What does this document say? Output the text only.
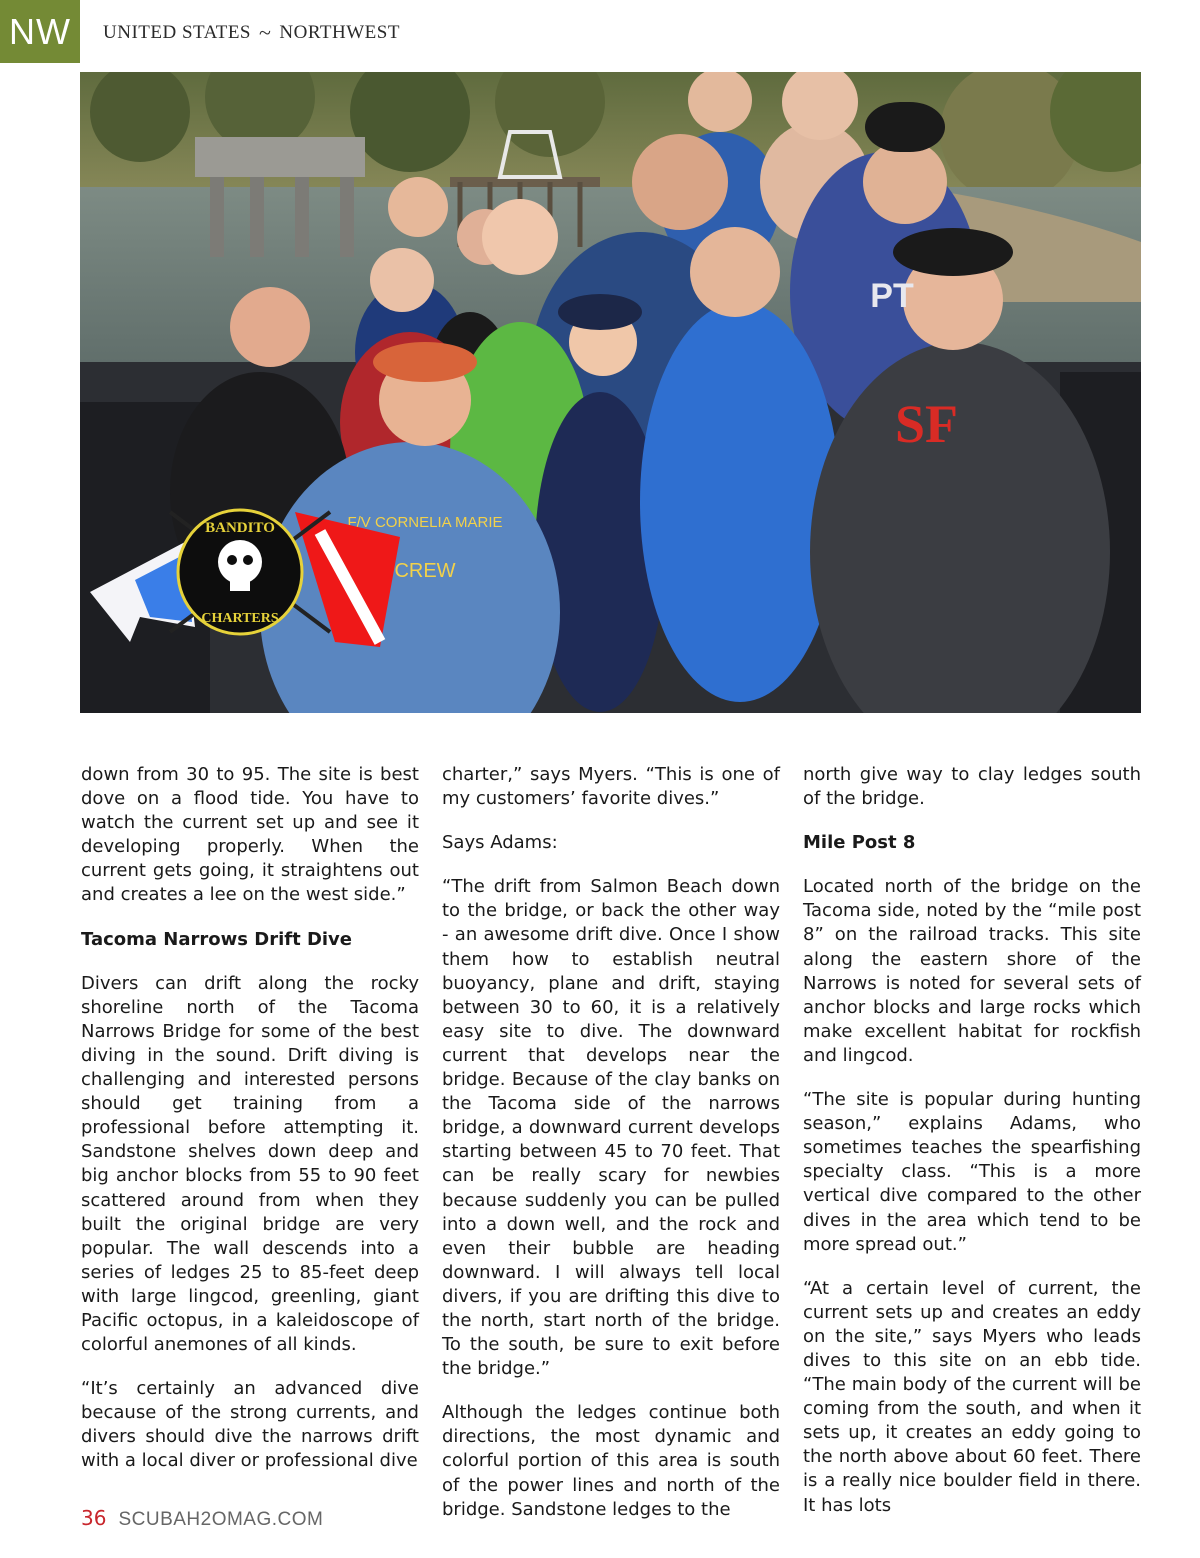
NW	UNITED STATES ~ NORTHWEST
F/V CORNELIA MARIE
CREW
PT
SF
BANDITO
CHARTERS

down from 30 to 95. The site is best dove on a flood tide. You have to watch the current set up and see it developing properly. When the current gets going, it straightens out and creates a lee on the west side.”

Tacoma Narrows Drift Dive

Divers can drift along the rocky shoreline north of the Tacoma Narrows Bridge for some of the best diving in the sound. Drift diving is challenging and interested persons should get training from a professional before attempting it. Sandstone shelves down deep and big anchor blocks from 55 to 90 feet scattered around from when they built the original bridge are very popular. The wall descends into a series of ledges 25 to 85-feet deep with large lingcod, greenling, giant Pacific octopus, in a kaleidoscope of colorful anemones of all kinds.

“It’s certainly an advanced dive because of the strong currents, and divers should dive the narrows drift with a local diver or professional dive

charter,” says Myers. “This is one of my customers’ favorite dives.”

Says Adams:

“The drift from Salmon Beach down to the bridge, or back the other way - an awesome drift dive. Once I show them how to establish neutral buoyancy, plane and drift, staying between 30 to 60, it is a relatively easy site to dive. The downward current that develops near the bridge. Because of the clay banks on the Tacoma side of the narrows bridge, a downward current develops starting between 45 to 70 feet. That can be really scary for newbies because suddenly you can be pulled into a down well, and the rock and even their bubble are heading downward. I will always tell local divers, if you are drifting this dive to the north, start north of the bridge. To the south, be sure to exit before the bridge.”

Although the ledges continue both directions, the most dynamic and colorful portion of this area is south of the power lines and north of the bridge. Sandstone ledges to the

north give way to clay ledges south of the bridge.

Mile Post 8

Located north of the bridge on the Tacoma side, noted by the “mile post 8” on the railroad tracks. This site along the eastern shore of the Narrows is noted for several sets of anchor blocks and large rocks which make excellent habitat for rockfish and lingcod.

“The site is popular during hunting season,” explains Adams, who sometimes teaches the spearfishing specialty class. “This is a more vertical dive compared to the other dives in the area which tend to be more spread out.”

“At a certain level of current, the current sets up and creates an eddy on the site,” says Myers who leads dives to this site on an ebb tide. “The main body of the current will be coming from the south, and when it sets up, it creates an eddy going to the north above about 60 feet. There is a really nice boulder field in there. It has lots

36 SCUBAH2OMAG.COM
